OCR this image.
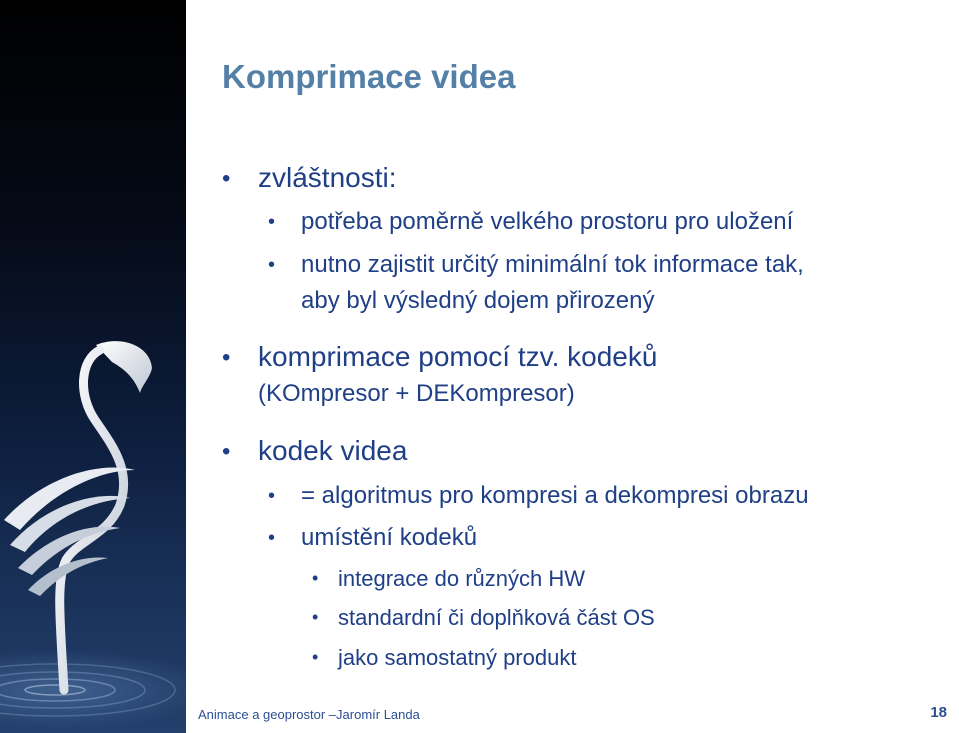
Komprimace videa
• zvláštnosti:
• potřeba poměrně velkého prostoru pro uložení
• nutno zajistit určitý minimální tok informace tak,
aby byl výsledný dojem přirozený
• komprimace pomocí tzv. kodeků
(KOmpresor + DEKompresor)
• kodek videa
• = algoritmus pro kompresi a dekompresi obrazu
• umístění kodeků
• integrace do různých HW
• standardní či doplňková část OS
• jako samostatný produkt
Animace a geoprostor –Jaromír Landa	18
